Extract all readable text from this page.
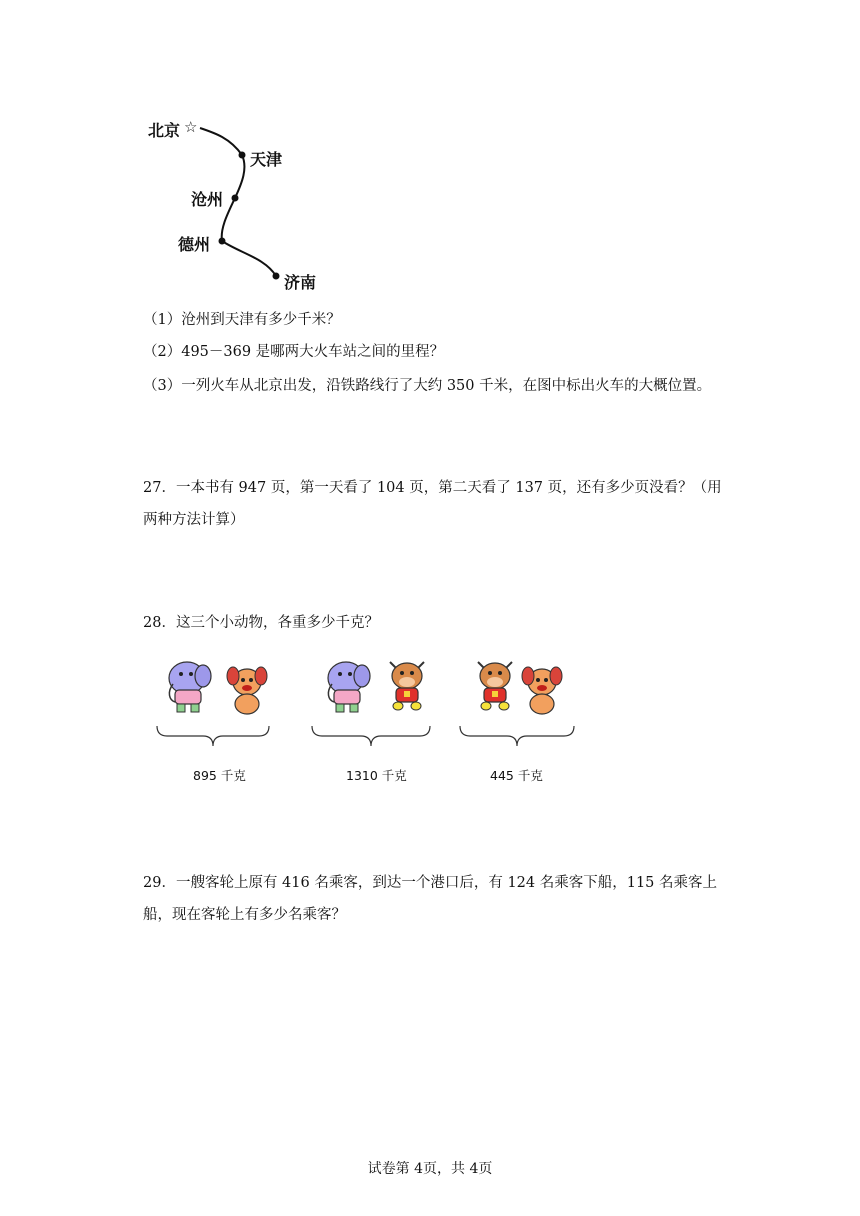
北京 ☆
天津
沧州
德州
济南
（1）沧州到天津有多少千米？
（2）495－369 是哪两大火车站之间的里程？
（3）一列火车从北京出发，沿铁路线行了大约 350 千米，在图中标出火车的大概位置。
27．一本书有 947 页，第一天看了 104 页，第二天看了 137 页，还有多少页没看？（用
两种方法计算）
28．这三个小动物，各重多少千克？
895 千克	1310 千克	445 千克
29．一艘客轮上原有 416 名乘客，到达一个港口后，有 124 名乘客下船，115 名乘客上
船，现在客轮上有多少名乘客？
试卷第 4页，共 4页
